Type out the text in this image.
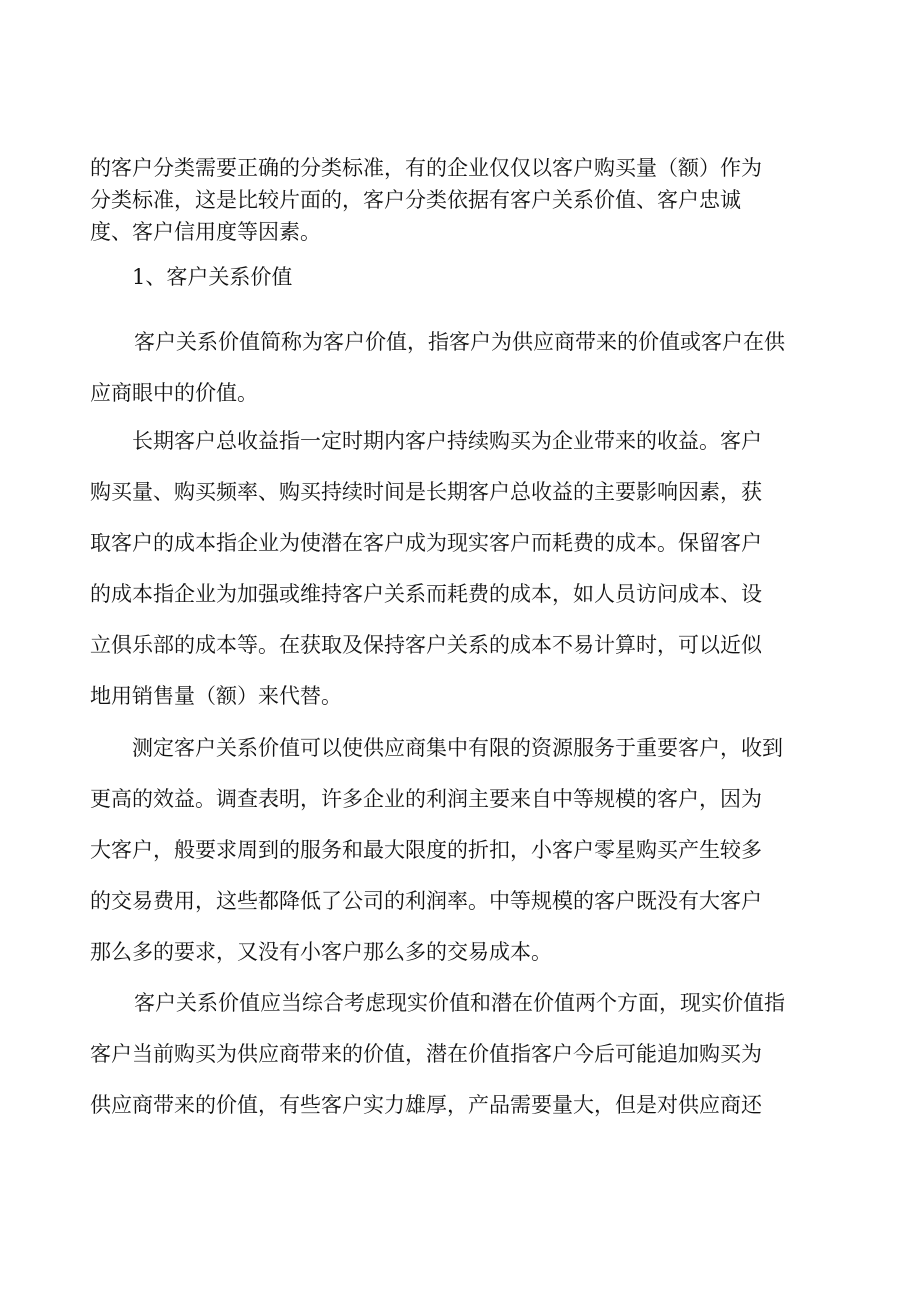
的客户分类需要正确的分类标准，有的企业仅仅以客户购买量（额）作为
分类标准，这是比较片面的，客户分类依据有客户关系价值、客户忠诚
度、客户信用度等因素。
1、客户关系价值
客户关系价值简称为客户价值，指客户为供应商带来的价值或客户在供
应商眼中的价值。
长期客户总收益指一定时期内客户持续购买为企业带来的收益。客户
购买量、购买频率、购买持续时间是长期客户总收益的主要影响因素，获
取客户的成本指企业为使潜在客户成为现实客户而耗费的成本。保留客户
的成本指企业为加强或维持客户关系而耗费的成本，如人员访问成本、设
立俱乐部的成本等。在获取及保持客户关系的成本不易计算时，可以近似
地用销售量（额）来代替。
测定客户关系价值可以使供应商集中有限的资源服务于重要客户，收到
更高的效益。调查表明，许多企业的利润主要来自中等规模的客户，因为
大客户，般要求周到的服务和最大限度的折扣，小客户零星购买产生较多
的交易费用，这些都降低了公司的利润率。中等规模的客户既没有大客户
那么多的要求，又没有小客户那么多的交易成本。
客户关系价值应当综合考虑现实价值和潜在价值两个方面，现实价值指
客户当前购买为供应商带来的价值，潜在价值指客户今后可能追加购买为
供应商带来的价值，有些客户实力雄厚，产品需要量大，但是对供应商还
